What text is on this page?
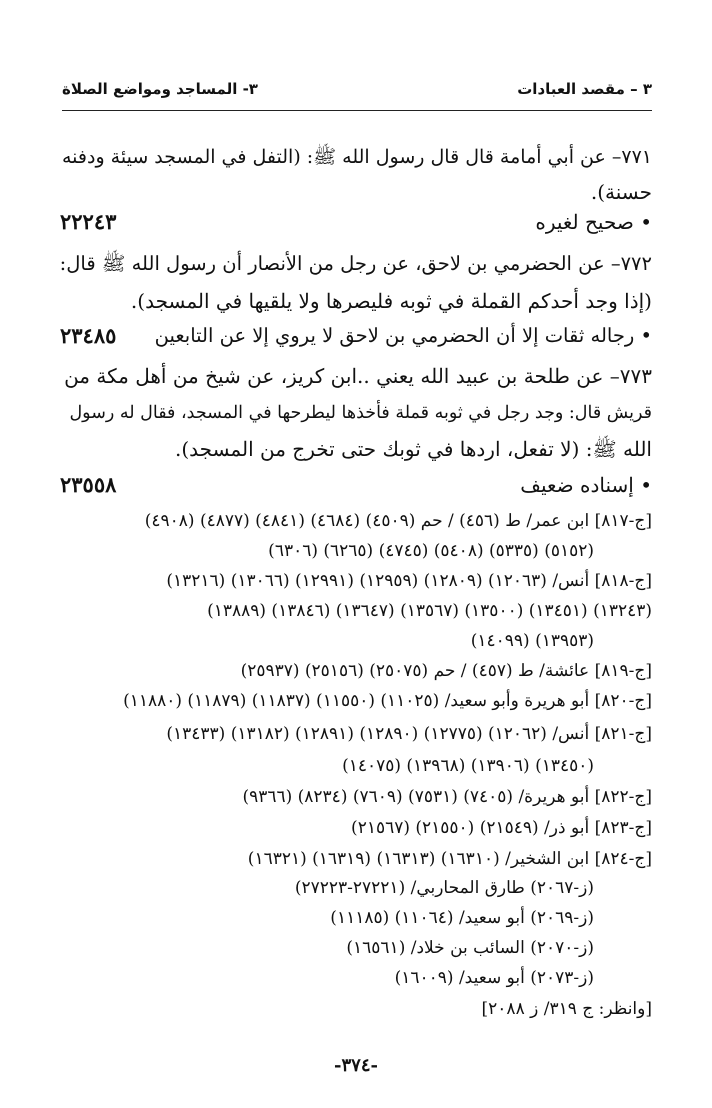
٣ – مقصد العبادات
٣- المساجد ومواضع الصلاة
٧٧١– عن أبي أمامة قال قال رسول الله ﷺ: (التفل في المسجد سيئة ودفنه
حسنة).
• صحيح لغيره
٢٢٢٤٣
٧٧٢– عن الحضرمي بن لاحق، عن رجل من الأنصار أن رسول الله ﷺ قال:
(إذا وجد أحدكم القملة في ثوبه فليصرها ولا يلقيها في المسجد).
• رجاله ثقات إلا أن الحضرمي بن لاحق لا يروي إلا عن التابعين
٢٣٤٨٥
٧٧٣– عن طلحة بن عبيد الله يعني ..ابن كريز، عن شيخ من أهل مكة من
قريش قال: وجد رجل في ثوبه قملة فأخذها ليطرحها في المسجد، فقال له رسول
الله ﷺ: (لا تفعل، اردها في ثوبك حتى تخرج من المسجد).
• إسناده ضعيف
٢٣٥٥٨
[ج-٨١٧] ابن عمر/ ط (٤٥٦) / حم (٤٥٠٩) (٤٦٨٤) (٤٨٤١) (٤٨٧٧) (٤٩٠٨)
(٥١٥٢) (٥٣٣٥) (٥٤٠٨) (٤٧٤٥) (٦٢٦٥) (٦٣٠٦)
[ج-٨١٨] أنس/ (١٢٠٦٣) (١٢٨٠٩) (١٢٩٥٩) (١٢٩٩١) (١٣٠٦٦) (١٣٢١٦)
(١٣٢٤٣) (١٣٤٥١) (١٣٥٠٠) (١٣٥٦٧) (١٣٦٤٧) (١٣٨٤٦) (١٣٨٨٩)
(١٣٩٥٣) (١٤٠٩٩)
[ج-٨١٩] عائشة/ ط (٤٥٧) / حم (٢٥٠٧٥) (٢٥١٥٦) (٢٥٩٣٧)
[ج-٨٢٠] أبو هريرة وأبو سعيد/ (١١٠٢٥) (١١٥٥٠) (١١٨٣٧) (١١٨٧٩) (١١٨٨٠)
[ج-٨٢١] أنس/ (١٢٠٦٢) (١٢٧٧٥) (١٢٨٩٠) (١٢٨٩١) (١٣١٨٢) (١٣٤٣٣)
(١٣٤٥٠) (١٣٩٠٦) (١٣٩٦٨) (١٤٠٧٥)
[ج-٨٢٢] أبو هريرة/ (٧٤٠٥) (٧٥٣١) (٧٦٠٩) (٨٢٣٤) (٩٣٦٦)
[ج-٨٢٣] أبو ذر/ (٢١٥٤٩) (٢١٥٥٠) (٢١٥٦٧)
[ج-٨٢٤] ابن الشخير/ (١٦٣١٠) (١٦٣١٣) (١٦٣١٩) (١٦٣٢١)
(ز-٢٠٦٧) طارق المحاربي/ (٢٧٢٢١-٢٧٢٢٣)
(ز-٢٠٦٩) أبو سعيد/ (١١٠٦٤) (١١١٨٥)
(ز-٢٠٧٠) السائب بن خلاد/ (١٦٥٦١)
(ز-٢٠٧٣) أبو سعيد/ (١٦٠٠٩)
[وانظر: ج ٣١٩/ ز ٢٠٨٨]
-٣٧٤-
